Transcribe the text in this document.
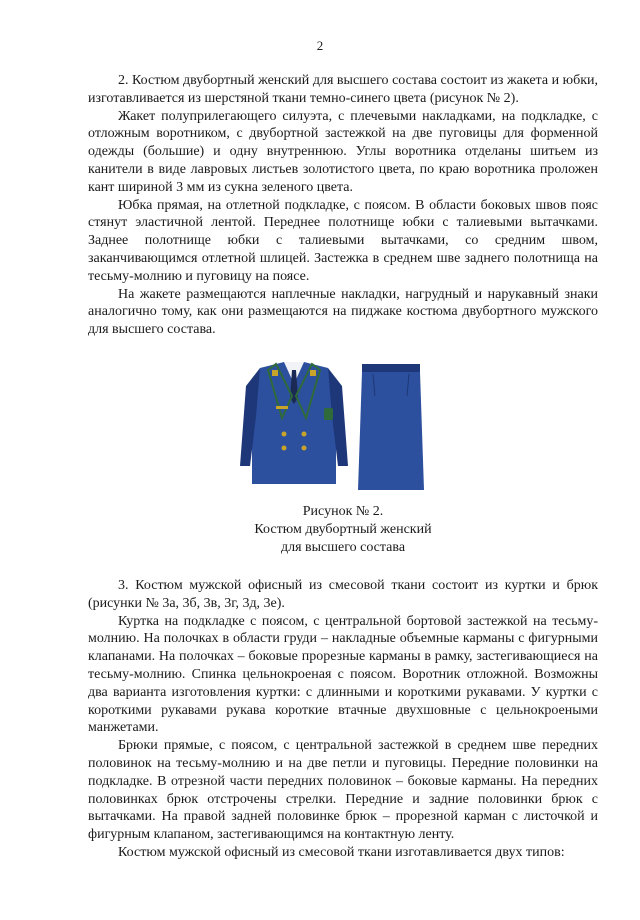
2

2. Костюм двубортный женский для высшего состава состоит из жакета и юбки, изготавливается из шерстяной ткани темно-синего цвета (рисунок № 2).

Жакет полуприлегающего силуэта, с плечевыми накладками, на подкладке, с отложным воротником, с двубортной застежкой на две пуговицы для форменной одежды (большие) и одну внутреннюю. Углы воротника отделаны шитьем из канители в виде лавровых листьев золотистого цвета, по краю воротника проложен кант шириной 3 мм из сукна зеленого цвета.

Юбка прямая, на отлетной подкладке, с поясом. В области боковых швов пояс стянут эластичной лентой. Переднее полотнище юбки с талиевыми вытачками. Заднее полотнище юбки с талиевыми вытачками, со средним швом, заканчивающимся отлетной шлицей. Застежка в среднем шве заднего полотнища на тесьму-молнию и пуговицу на поясе.

На жакете размещаются наплечные накладки, нагрудный и нарукавный знаки аналогично тому, как они размещаются на пиджаке костюма двубортного мужского для высшего состава.

Рисунок № 2.
Костюм двубортный женский
для высшего состава

3. Костюм мужской офисный из смесовой ткани состоит из куртки и брюк (рисунки № 3а, 3б, 3в, 3г, 3д, 3е).

Куртка на подкладке с поясом, с центральной бортовой застежкой на тесьму-молнию. На полочках в области груди – накладные объемные карманы с фигурными клапанами. На полочках – боковые прорезные карманы в рамку, застегивающиеся на тесьму-молнию. Спинка цельнокроеная с поясом. Воротник отложной. Возможны два варианта изготовления куртки: с длинными и короткими рукавами. У куртки с короткими рукавами рукава короткие втачные двухшовные с цельнокроеными манжетами.

Брюки прямые, с поясом, с центральной застежкой в среднем шве передних половинок на тесьму-молнию и на две петли и пуговицы. Передние половинки на подкладке. В отрезной части передних половинок – боковые карманы. На передних половинках брюк отстрочены стрелки. Передние и задние половинки брюк с вытачками. На правой задней половинке брюк – прорезной карман с листочкой и фигурным клапаном, застегивающимся на контактную ленту.

Костюм мужской офисный из смесовой ткани изготавливается двух типов:
